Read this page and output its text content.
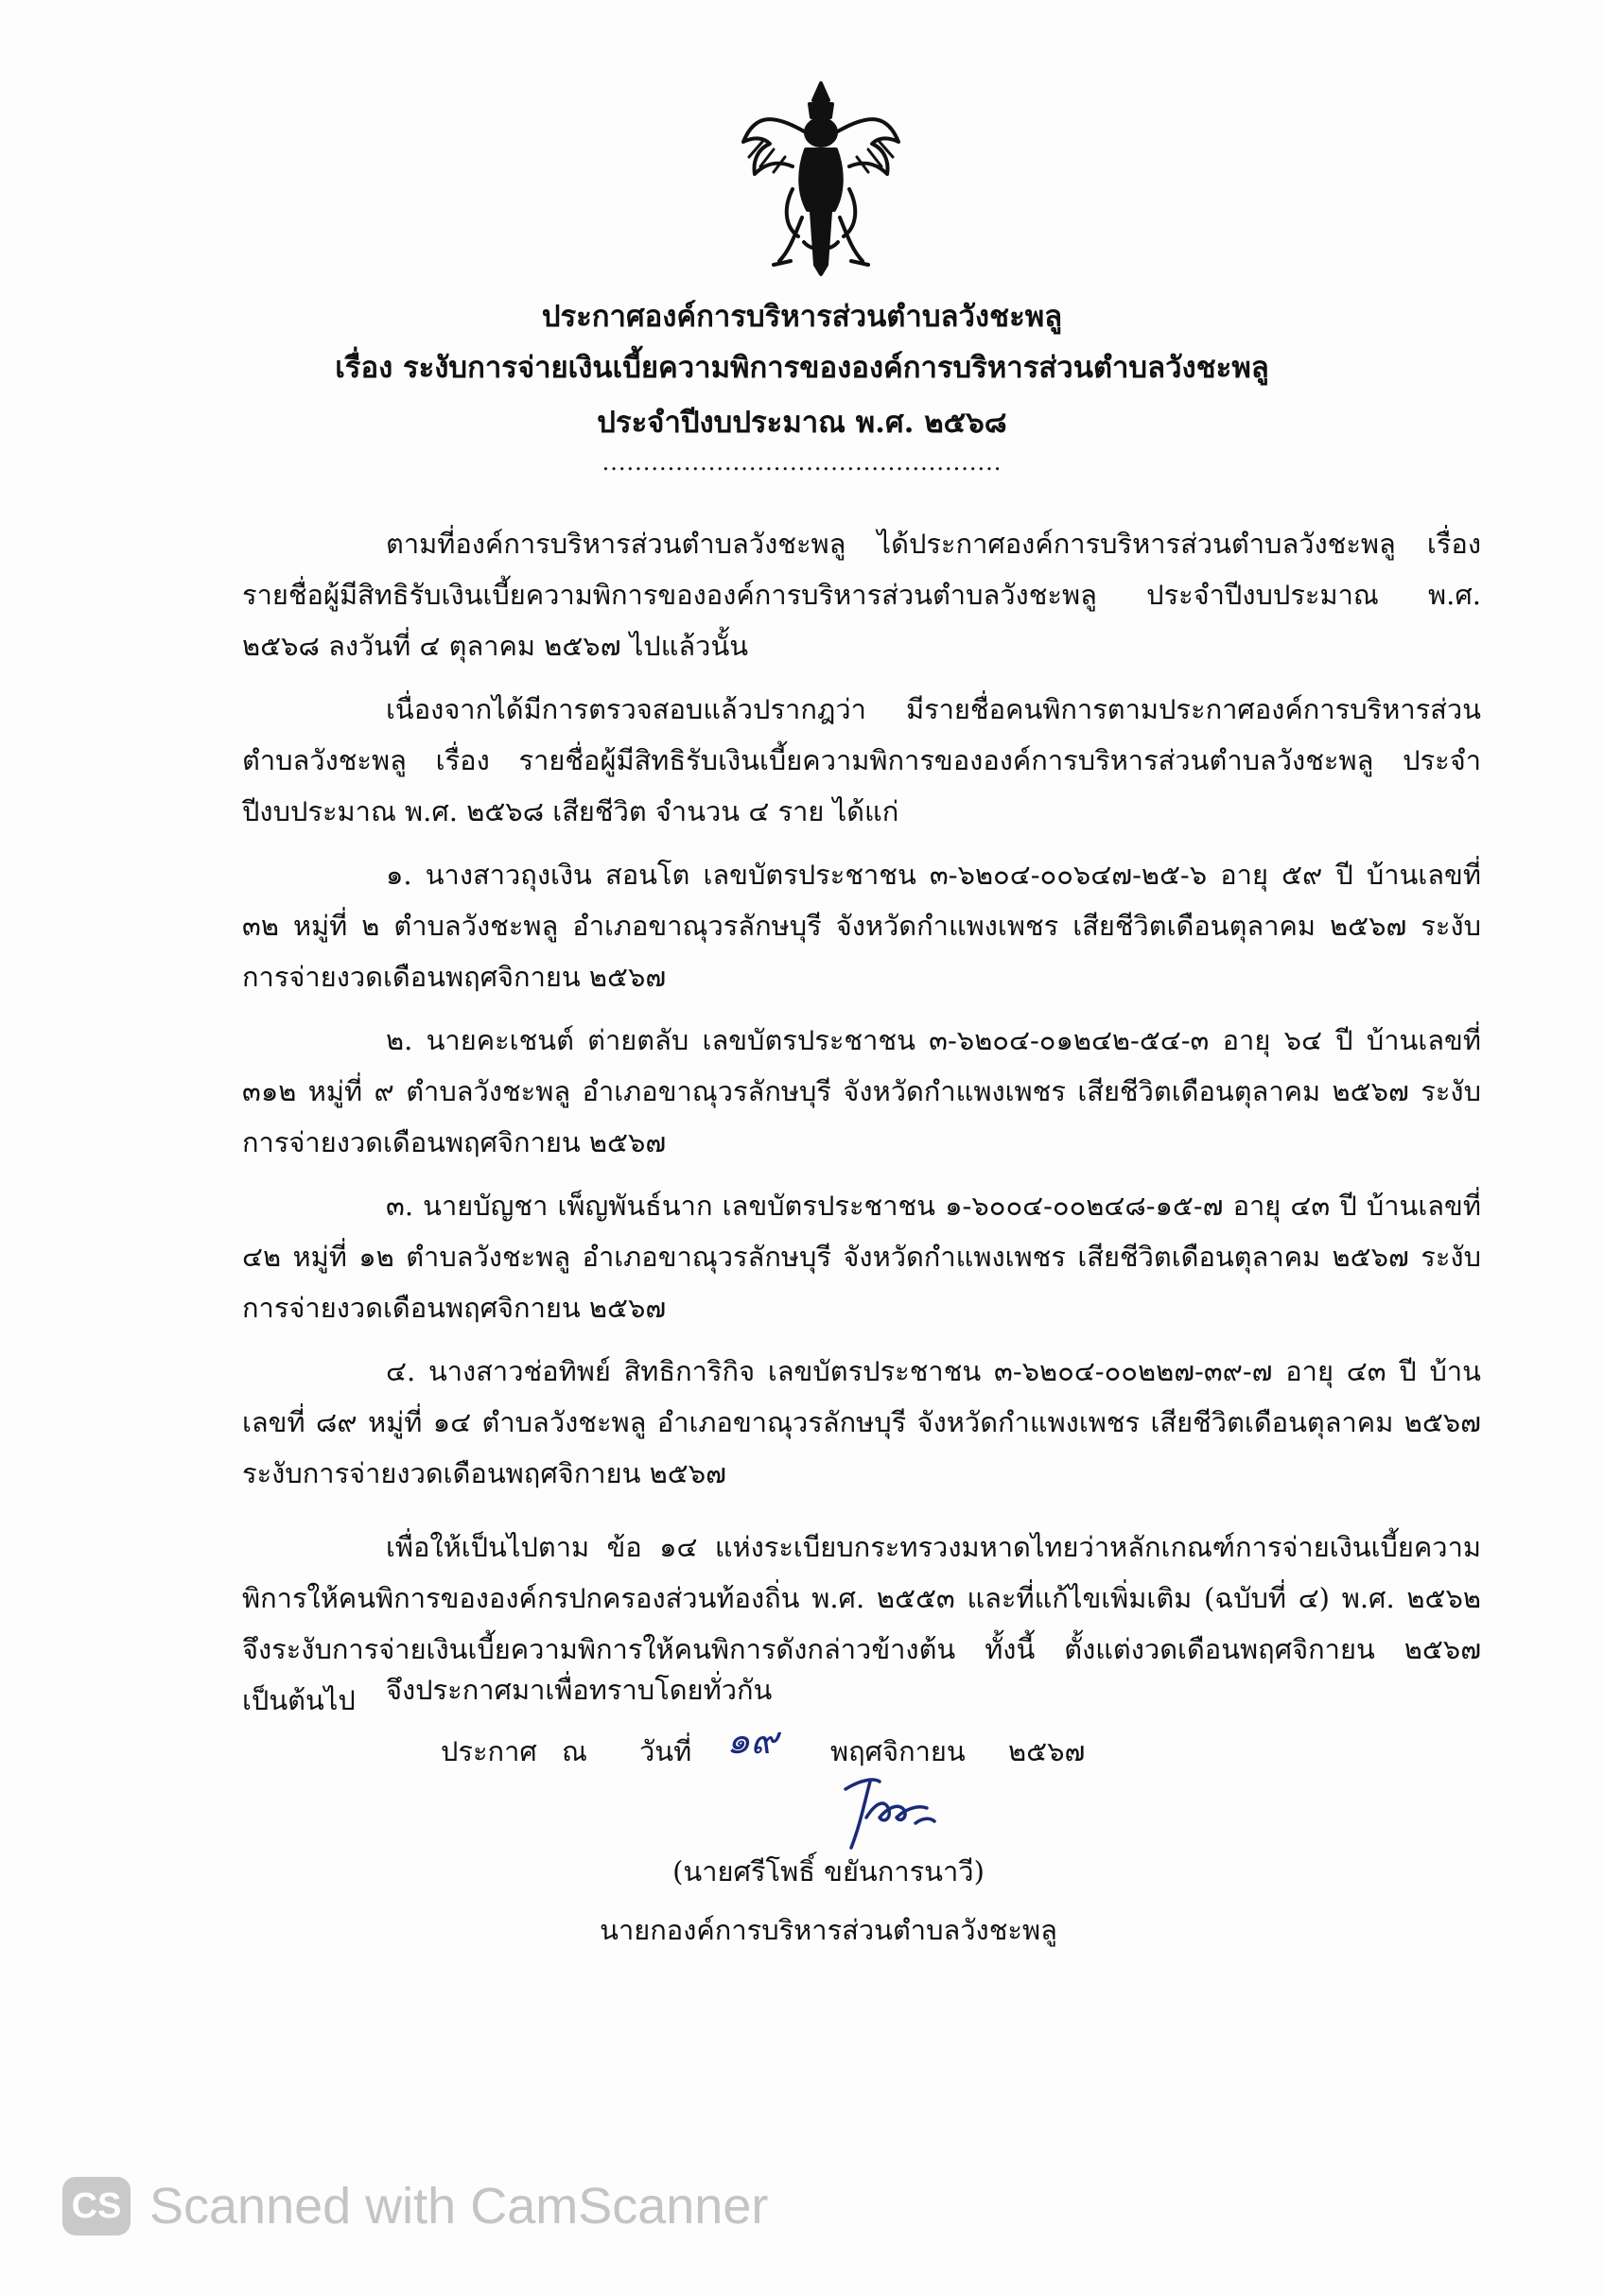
ประกาศองค์การบริหารส่วนตำบลวังชะพลู
เรื่อง ระงับการจ่ายเงินเบี้ยความพิการขององค์การบริหารส่วนตำบลวังชะพลู
ประจำปีงบประมาณ พ.ศ. ๒๕๖๘
.................................................

ตามที่องค์การบริหารส่วนตำบลวังชะพลู ได้ประกาศองค์การบริหารส่วนตำบลวังชะพลู เรื่อง รายชื่อผู้มีสิทธิรับเงินเบี้ยความพิการขององค์การบริหารส่วนตำบลวังชะพลู ประจำปีงบประมาณ พ.ศ. ๒๕๖๘ ลงวันที่ ๔ ตุลาคม ๒๕๖๗ ไปแล้วนั้น

เนื่องจากได้มีการตรวจสอบแล้วปรากฎว่า มีรายชื่อคนพิการตามประกาศองค์การบริหารส่วนตำบลวังชะพลู เรื่อง รายชื่อผู้มีสิทธิรับเงินเบี้ยความพิการขององค์การบริหารส่วนตำบลวังชะพลู ประจำปีงบประมาณ พ.ศ. ๒๕๖๘ เสียชีวิต จำนวน ๔ ราย ได้แก่

๑. นางสาวถุงเงิน สอนโต เลขบัตรประชาชน ๓-๖๒๐๔-๐๐๖๔๗-๒๕-๖ อายุ ๕๙ ปี บ้านเลขที่ ๓๒ หมู่ที่ ๒ ตำบลวังชะพลู อำเภอขาณุวรลักษบุรี จังหวัดกำแพงเพชร เสียชีวิตเดือนตุลาคม ๒๕๖๗ ระงับการจ่ายงวดเดือนพฤศจิกายน ๒๕๖๗

๒. นายคะเชนต์ ต่ายตลับ เลขบัตรประชาชน ๓-๖๒๐๔-๐๑๒๔๒-๕๔-๓ อายุ ๖๔ ปี บ้านเลขที่ ๓๑๒ หมู่ที่ ๙ ตำบลวังชะพลู อำเภอขาณุวรลักษบุรี จังหวัดกำแพงเพชร เสียชีวิตเดือนตุลาคม ๒๕๖๗ ระงับการจ่ายงวดเดือนพฤศจิกายน ๒๕๖๗

๓. นายบัญชา เพ็ญพันธ์นาก เลขบัตรประชาชน ๑-๖๐๐๔-๐๐๒๔๘-๑๕-๗ อายุ ๔๓ ปี บ้านเลขที่ ๔๒ หมู่ที่ ๑๒ ตำบลวังชะพลู อำเภอขาณุวรลักษบุรี จังหวัดกำแพงเพชร เสียชีวิตเดือนตุลาคม ๒๕๖๗ ระงับการจ่ายงวดเดือนพฤศจิกายน ๒๕๖๗

๔. นางสาวช่อทิพย์ สิทธิการิกิจ เลขบัตรประชาชน ๓-๖๒๐๔-๐๐๒๒๗-๓๙-๗ อายุ ๔๓ ปี บ้านเลขที่ ๘๙ หมู่ที่ ๑๔ ตำบลวังชะพลู อำเภอขาณุวรลักษบุรี จังหวัดกำแพงเพชร เสียชีวิตเดือนตุลาคม ๒๕๖๗ ระงับการจ่ายงวดเดือนพฤศจิกายน ๒๕๖๗

เพื่อให้เป็นไปตาม ข้อ ๑๔ แห่งระเบียบกระทรวงมหาดไทยว่าหลักเกณฑ์การจ่ายเงินเบี้ยความพิการให้คนพิการขององค์กรปกครองส่วนท้องถิ่น พ.ศ. ๒๕๕๓ และที่แก้ไขเพิ่มเติม (ฉบับที่ ๔) พ.ศ. ๒๕๖๒ จึงระงับการจ่ายเงินเบี้ยความพิการให้คนพิการดังกล่าวข้างต้น ทั้งนี้ ตั้งแต่งวดเดือนพฤศจิกายน ๒๕๖๗ เป็นต้นไป	จึงประกาศมาเพื่อทราบโดยทั่วกัน
ประกาศ ณ วันที่ ๑๙ พฤศจิกายน ๒๕๖๗
(นายศรีโพธิ์ ขยันการนาวี)
นายกองค์การบริหารส่วนตำบลวังชะพลู
CS Scanned with CamScanner
